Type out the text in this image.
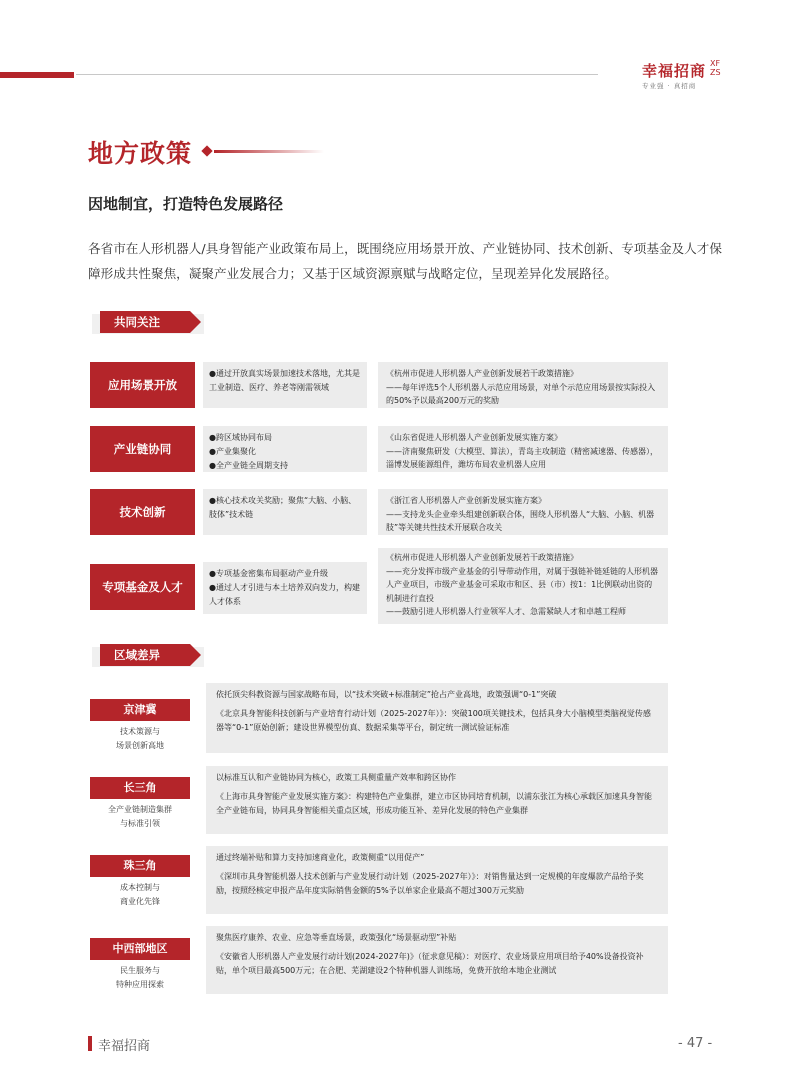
幸福招商 XF ZS
专业强 · 真招商
地方政策
因地制宜，打造特色发展路径
各省市在人形机器人/具身智能产业政策布局上，既围绕应用场景开放、产业链协同、技术创新、专项基金及人才保障形成共性聚焦，凝聚产业发展合力；又基于区域资源禀赋与战略定位，呈现差异化发展路径。
共同关注
应用场景开放

●通过开放真实场景加速技术落地，尤其是工业制造、医疗、养老等刚需领域

《杭州市促进人形机器人产业创新发展若干政策措施》

——每年评选5个人形机器人示范应用场景，对单个示范应用场景按实际投入的50%予以最高200万元的奖励

产业链协同

●跨区域协同布局

●产业集聚化

●全产业链全周期支持

《山东省促进人形机器人产业创新发展实施方案》

——济南聚焦研发（大模型、算法），青岛主攻制造（精密减速器、传感器），淄博发展能源组件，潍坊布局农业机器人应用

技术创新

●核心技术攻关奖励；聚焦“大脑、小脑、肢体”技术链

《浙江省人形机器人产业创新发展实施方案》

——支持龙头企业牵头组建创新联合体，围绕人形机器人“大脑、小脑、机器肢”等关键共性技术开展联合攻关

专项基金及人才

●专项基金密集布局驱动产业升级

●通过人才引进与本土培养双向发力，构建人才体系

《杭州市促进人形机器人产业创新发展若干政策措施》

——充分发挥市级产业基金的引导带动作用，对属于强链补链延链的人形机器人产业项目，市级产业基金可采取市和区、县（市）按1：1比例联动出资的机制进行直投

——鼓励引进人形机器人行业领军人才、急需紧缺人才和卓越工程师

区域差异
京津冀
技术策源与
场景创新高地

依托顶尖科教资源与国家战略布局，以“技术突破+标准制定”抢占产业高地，政策强调“0-1”突破

《北京具身智能科技创新与产业培育行动计划（2025-2027年）》：突破100项关键技术，包括具身大小脑模型类脑视觉传感器等“0-1”原始创新；建设世界模型仿真、数据采集等平台，制定统一测试验证标准

长三角
全产业链制造集群
与标准引领

以标准互认和产业链协同为核心，政策工具侧重量产效率和跨区协作

《上海市具身智能产业发展实施方案》：构建特色产业集群，建立市区协同培育机制，以浦东张江为核心承载区加速具身智能全产业链布局，协同具身智能相关重点区域，形成功能互补、差异化发展的特色产业集群

珠三角
成本控制与
商业化先锋

通过终端补贴和算力支持加速商业化，政策侧重“以用促产”

《深圳市具身智能机器人技术创新与产业发展行动计划（2025-2027年）》：对销售量达到一定规模的年度爆款产品给予奖励，按照经核定申报产品年度实际销售金额的5%予以单家企业最高不超过300万元奖励

中西部地区
民生服务与
特种应用探索

聚焦医疗康养、农业、应急等垂直场景，政策强化“场景驱动型”补贴

《安徽省人形机器人产业发展行动计划(2024-2027年)》（征求意见稿）：对医疗、农业场景应用项目给予40%设备投资补贴，单个项目最高500万元；在合肥、芜湖建设2个特种机器人训练场，免费开放给本地企业测试

幸福招商	- 47 -
